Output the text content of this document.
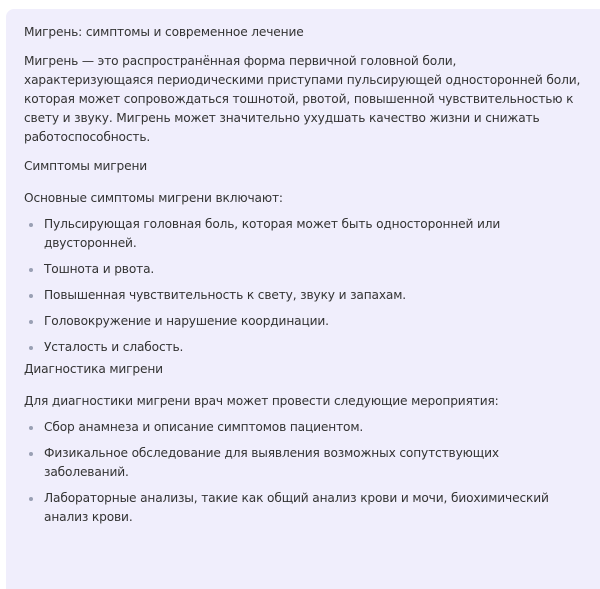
Мигрень: симптомы и современное лечение

Мигрень — это распространённая форма первичной головной боли, характеризующаяся периодическими приступами пульсирующей односторонней боли, которая может сопровождаться тошнотой, рвотой, повышенной чувствительностью к свету и звуку. Мигрень может значительно ухудшать качество жизни и снижать работоспособность.

Симптомы мигрени

Основные симптомы мигрени включают:

Пульсирующая головная боль, которая может быть односторонней или двусторонней.
Тошнота и рвота.
Повышенная чувствительность к свету, звуку и запахам.
Головокружение и нарушение координации.
Усталость и слабость.

Диагностика мигрени

Для диагностики мигрени врач может провести следующие мероприятия:

Сбор анамнеза и описание симптомов пациентом.
Физикальное обследование для выявления возможных сопутствующих заболеваний.
Лабораторные анализы, такие как общий анализ крови и мочи, биохимический анализ крови.
